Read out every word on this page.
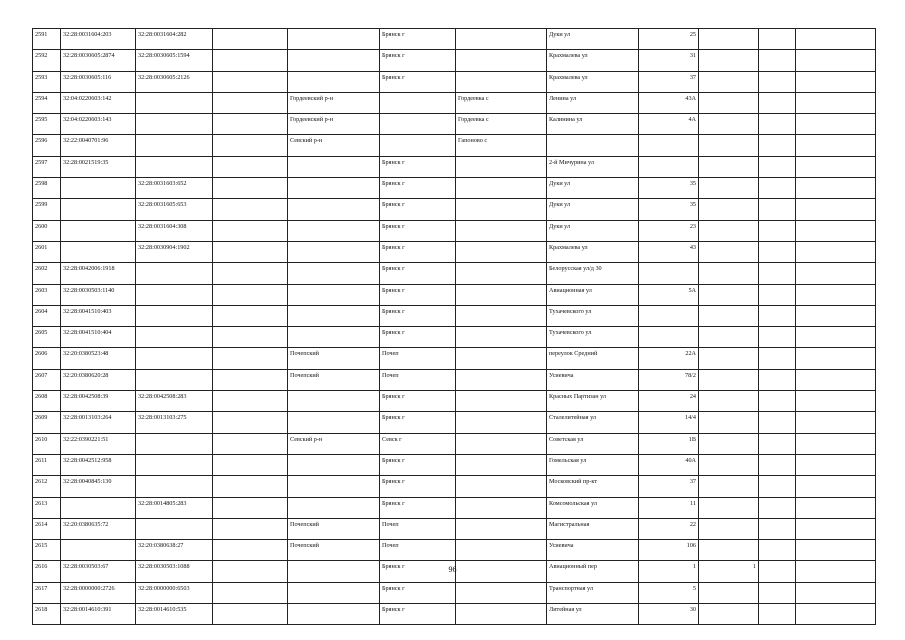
2591	32:28:0031604:203	32:28:0031604:282			Брянск г		Дуки ул	25			
2592	32:28:0030605:2874	32:28:0030605:1594			Брянск г		Крахмалева ул	31			
2593	32:28:0030605:116	32:28:0030605:2126			Брянск г		Крахмалева ул	37			
2594	32:04:0220603:142			Гордеевский р-н		Гордеевка с	Ленина ул	43А			
2595	32:04:0220603:143			Гордеевский р-н		Гордеевка с	Калинина ул	4А			
2596	32:22:0040701:96			Севский р-н		Гапоново с					
2597	32:28:0021519:35				Брянск г		2-й Мичурина ул				
2598		32:28:0031603:652			Брянск г		Дуки ул	35			
2599		32:28:0031605:653			Брянск г		Дуки ул	35			
2600		32:28:0031604:308			Брянск г		Дуки ул	23			
2601		32:28:0030904:1902			Брянск г		Крахмалева ул	43			
2602	32:28:0042006:1918				Брянск г		Белорусская ул/д 30				
2603	32:28:0030503:1140				Брянск г		Авиационная ул	5А			
2604	32:28:0041510:403				Брянск г		Тухачевского ул				
2605	32:28:0041510:404				Брянск г		Тухачевского ул				
2606	32:20:0380523:48			Почепский	Почеп		переулок Средний	22А			
2607	32:20:0380620:28			Почепский	Почеп		Усиевича	78/2			
2608	32:28:0042508:39	32:28:0042508:283			Брянск г		Красных Партизан ул	24			
2609	32:28:0013103:264	32:28:0013103:275			Брянск г		Сталелитейная ул	14/4			
2610	32:22:0390221:51			Севский р-н	Севск г		Советская ул	1В			
2611	32:28:0042512:958				Брянск г		Гомельская ул	40А			
2612	32:28:0040845:130				Брянск г		Московский пр-кт	37			
2613		32:28:0014805:283			Брянск г		Комсомольская ул	11			
2614	32:20:0380635:72			Почепский	Почеп		Магистральная	22			
2615		32:20:0380638:27		Почепский	Почеп		Усиевича	106			
2616	32:28:0030503:67	32:28:0030503:1088			Брянск г		Авиационный пер	1	1		
2617	32:28:0000000:2726	32:28:0000000:6503			Брянск г		Транспортная ул	5			
2618	32:28:0014610:391	32:28:0014610:535			Брянск г		Литейная ул	30			
96
